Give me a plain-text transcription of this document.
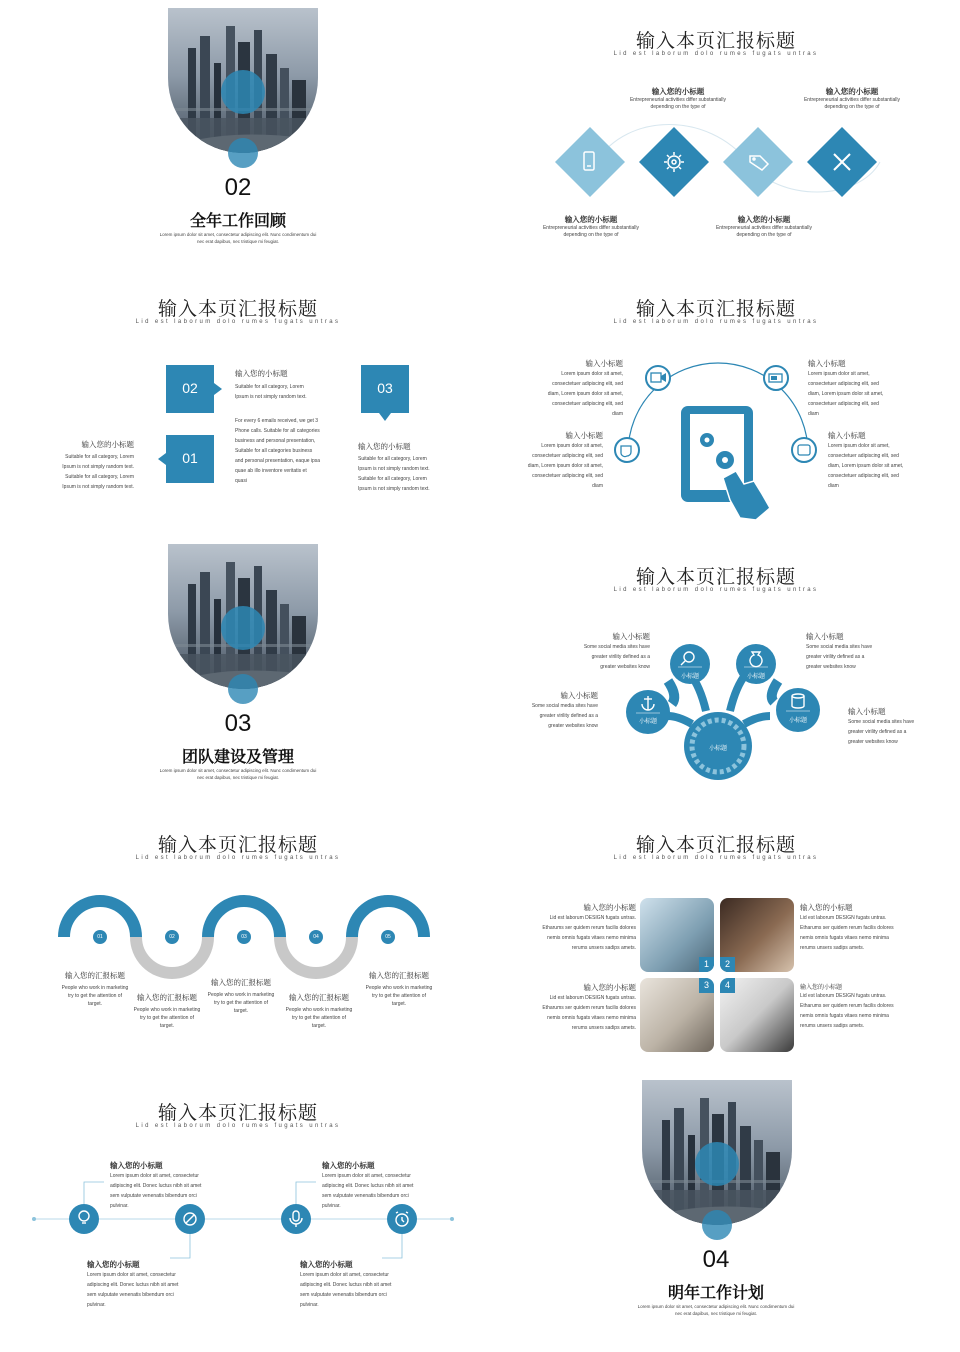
02
全年工作回顾
Lorem ipsum dolor sit amet, consectetur adipiscing elit. Nunc condimentum dui
nec erat dapibus, nec tristique mi feugiat.
输入本页汇报标题
Lid est laborum dolo rumes fugats untras
输入您的小标题
Entrepreneurial activities differ substantially
depending on the type of
输入您的小标题
Entrepreneurial activities differ substantially
depending on the type of
输入您的小标题
Entrepreneurial activities differ substantially
depending on the type of
输入您的小标题
Entrepreneurial activities differ substantially
depending on the type of
输入本页汇报标题
Lid est laborum dolo rumes fugats untras
02	03
01
输入您的小标题
Suitable for all category, Lorem
Ipsum is not simply random text.
For every 6 emails received, we get 3
Phone calls. Suitable for all categories
business and personal presentation,
Suitable for all categories business
and personal presentation, eaque ipsa
quae ab illo inventore veritatis et
quasi
输入您的小标题
Suitable for all category, Lorem
Ipsum is not simply random text.
Suitable for all category, Lorem
Ipsum is not simply random text.
输入您的小标题
Suitable for all category, Lorem
Ipsum is not simply random text.
Suitable for all category, Lorem
Ipsum is not simply random text.
输入本页汇报标题
Lid est laborum dolo rumes fugats untras
输入小标题
Lorem ipsum dolor sit amet,
consectetuer adipiscing elit, sed
diam, Lorem ipsum dolor sit amet,
consectetuer adipiscing elit, sed
diam
输入小标题
Lorem ipsum dolor sit amet,
consectetuer adipiscing elit, sed
diam, Lorem ipsum dolor sit amet,
consectetuer adipiscing elit, sed
diam
输入小标题
Lorem ipsum dolor sit amet,
consectetuer adipiscing elit, sed
diam, Lorem ipsum dolor sit amet,
consectetuer adipiscing elit, sed
diam
输入小标题
Lorem ipsum dolor sit amet,
consectetuer adipiscing elit, sed
diam, Lorem ipsum dolor sit amet,
consectetuer adipiscing elit, sed
diam
03
团队建设及管理
Lorem ipsum dolor sit amet, consectetur adipiscing elit. Nunc condimentum dui
nec erat dapibus, nec tristique mi feugiat.
输入本页汇报标题
Lid est laborum dolo rumes fugats untras
小标题	小标题
小标题	小标题
小标题
输入小标题
Some social media sites have
greater virility defined as a
greater websites know
输入小标题
Some social media sites have
greater virility defined as a
greater websites know
输入小标题
Some social media sites have
greater virility defined as a
greater websites know
输入小标题
Some social media sites have
greater virility defined as a
greater websites know
输入本页汇报标题
Lid est laborum dolo rumes fugats untras
01	02	03	04	05
输入您的汇报标题
People who work in marketing
try to get the attention of
target.
输入您的汇报标题
People who work in marketing
try to get the attention of
target.
输入您的汇报标题
People who work in marketing
try to get the attention of
target.
输入您的汇报标题
People who work in marketing
try to get the attention of
target.
输入您的汇报标题
People who work in marketing
try to get the attention of
target.
输入本页汇报标题
Lid est laborum dolo rumes fugats untras
1	2
3	4
输入您的小标题
Lid est laborum DESIGN fugats untras.
Etharums ser quidem rerum facilis dolores
nemis omnis fugats vitaes nemo minima
rerums unsers sadips amets.
输入您的小标题
Lid est laborum DESIGN fugats untras.
Etharums ser quidem rerum facilis dolores
nemis omnis fugats vitaes nemo minima
rerums unsers sadips amets.
输入您的小标题
Lid est laborum DESIGN fugats untras.
Etharums ser quidem rerum facilis dolores
nemis omnis fugats vitaes nemo minima
rerums unsers sadips amets.
输入您的小标题
Lid est laborum DESIGN fugats untras.
Etharums ser quidem rerum facilis dolores
nemis omnis fugats vitaes nemo minima
rerums unsers sadips amets.
输入本页汇报标题
Lid est laborum dolo rumes fugats untras
输入您的小标题
Lorem ipsum dolor sit amet, consectetur
adipiscing elit. Donec luctus nibh sit amet
sem vulputate venenatis bibendum orci
pulvinar.
输入您的小标题
Lorem ipsum dolor sit amet, consectetur
adipiscing elit. Donec luctus nibh sit amet
sem vulputate venenatis bibendum orci
pulvinar.
输入您的小标题
Lorem ipsum dolor sit amet, consectetur
adipiscing elit. Donec luctus nibh sit amet
sem vulputate venenatis bibendum orci
pulvinar.
输入您的小标题
Lorem ipsum dolor sit amet, consectetur
adipiscing elit. Donec luctus nibh sit amet
sem vulputate venenatis bibendum orci
pulvinar.
04
明年工作计划
Lorem ipsum dolor sit amet, consectetur adipiscing elit. Nunc condimentum dui
nec erat dapibus, nec tristique mi feugiat.
